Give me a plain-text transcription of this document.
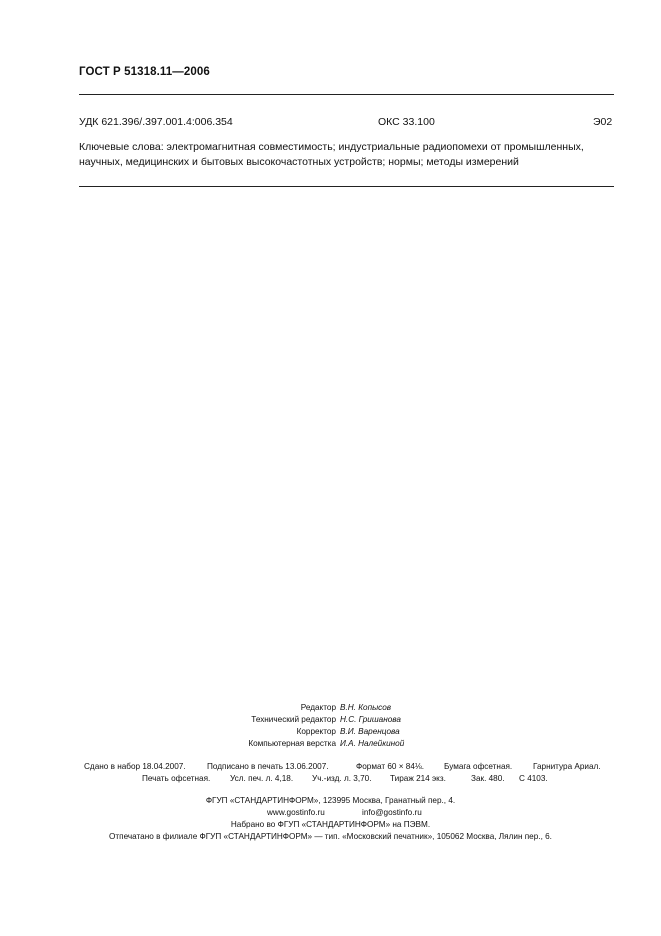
ГОСТ Р 51318.11—2006
УДК 621.396/.397.001.4:006.354	ОКС 33.100	Э02
Ключевые слова: электромагнитная совместимость; индустриальные радиопомехи от промышленных,
научных, медицинских и бытовых высокочастотных устройств; нормы; методы измерений
Редактор В.Н. Копысов
Технический редактор Н.С. Гришанова
Корректор В.И. Варенцова
Компьютерная верстка И.А. Налейкиной
Сдано в набор 18.04.2007.	Подписано в печать 13.06.2007.	Формат 60 × 84⅛. Бумага офсетная.	Гарнитура Ариал.
Печать офсетная. Усл. печ. л. 4,18. Уч.-изд. л. 3,70. Тираж 214 экз.	Зак. 480. С 4103.
ФГУП «СТАНДАРТИНФОРМ», 123995 Москва, Гранатный пер., 4.
www.gostinfo.ru	info@gostinfo.ru
Набрано во ФГУП «СТАНДАРТИНФОРМ» на ПЭВМ.
Отпечатано в филиале ФГУП «СТАНДАРТИНФОРМ» — тип. «Московский печатник», 105062 Москва, Лялин пер., 6.
